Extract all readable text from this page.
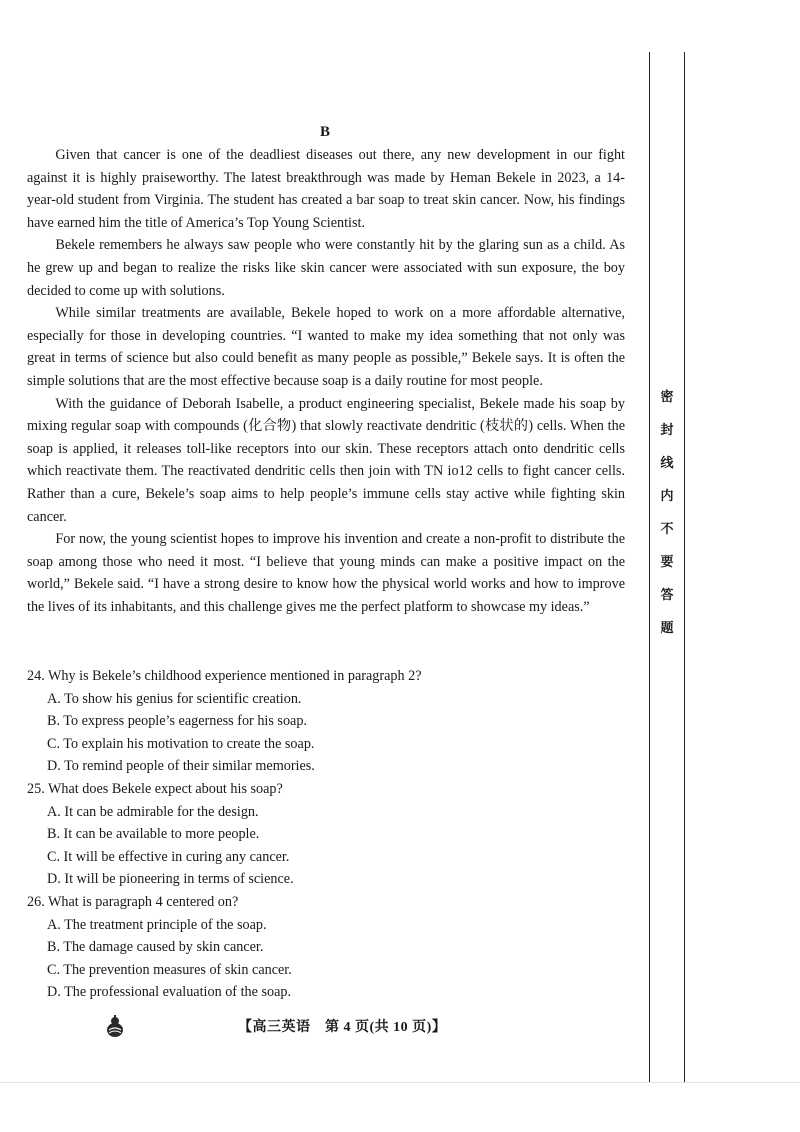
B

Given that cancer is one of the deadliest diseases out there, any new development in our fight against it is highly praiseworthy. The latest breakthrough was made by Heman Bekele in 2023, a 14-year-old student from Virginia. The student has created a bar soap to treat skin cancer. Now, his findings have earned him the title of America’s Top Young Scientist.

Bekele remembers he always saw people who were constantly hit by the glaring sun as a child. As he grew up and began to realize the risks like skin cancer were associated with sun exposure, the boy decided to come up with solutions.

While similar treatments are available, Bekele hoped to work on a more affordable alternative, especially for those in developing countries. “I wanted to make my idea something that not only was great in terms of science but also could benefit as many people as possible,” Bekele says. It is often the simple solutions that are the most effective because soap is a daily routine for most people.

With the guidance of Deborah Isabelle, a product engineering specialist, Bekele made his soap by mixing regular soap with compounds (化合物) that slowly reactivate dendritic (枝状的) cells. When the soap is applied, it releases toll-like receptors into our skin. These receptors attach onto dendritic cells which reactivate them. The reactivated dendritic cells then join with TN io12 cells to fight cancer cells. Rather than a cure, Bekele’s soap aims to help people’s immune cells stay active while fighting skin cancer.

For now, the young scientist hopes to improve his invention and create a non-profit to distribute the soap among those who need it most. “I believe that young minds can make a positive impact on the world,” Bekele said. “I have a strong desire to know how the physical world works and how to improve the lives of its inhabitants, and this challenge gives me the perfect platform to showcase my ideas.”

24. Why is Bekele’s childhood experience mentioned in paragraph 2?

A. To show his genius for scientific creation.
B. To express people’s eagerness for his soap.
C. To explain his motivation to create the soap.
D. To remind people of their similar memories.

25. What does Bekele expect about his soap?

A. It can be admirable for the design.
B. It can be available to more people.
C. It will be effective in curing any cancer.
D. It will be pioneering in terms of science.

26. What is paragraph 4 centered on?

A. The treatment principle of the soap.
B. The damage caused by skin cancer.
C. The prevention measures of skin cancer.
D. The professional evaluation of the soap.
【高三英语　第 4 页(共 10 页)】
密
封
线
内
不
要
答
题
